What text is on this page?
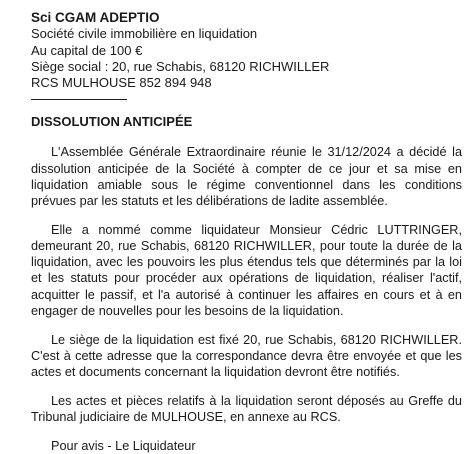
Sci CGAM ADEPTIO
Société civile immobilière en liquidation
Au capital de 100 €
Siège social : 20, rue Schabis, 68120 RICHWILLER
RCS MULHOUSE 852 894 948
DISSOLUTION ANTICIPÉE

L'Assemblée Générale Extraordinaire réunie le 31/12/2024 a décidé la dissolution anticipée de la Société à compter de ce jour et sa mise en liquidation amiable sous le régime conventionnel dans les conditions prévues par les statuts et les délibérations de ladite assemblée.

Elle a nommé comme liquidateur Monsieur Cédric LUTTRINGER, demeurant 20, rue Schabis, 68120 RICHWILLER, pour toute la durée de la liquidation, avec les pouvoirs les plus étendus tels que déterminés par la loi et les statuts pour procéder aux opérations de liquidation, réaliser l'actif, acquitter le passif, et l'a autorisé à continuer les affaires en cours et à en engager de nouvelles pour les besoins de la liquidation.

Le siège de la liquidation est fixé 20, rue Schabis, 68120 RICHWILLER. C'est à cette adresse que la correspondance devra être envoyée et que les actes et documents concernant la liquidation devront être notifiés.

Les actes et pièces relatifs à la liquidation seront déposés au Greffe du Tribunal judiciaire de MULHOUSE, en annexe au RCS.

Pour avis - Le Liquidateur
